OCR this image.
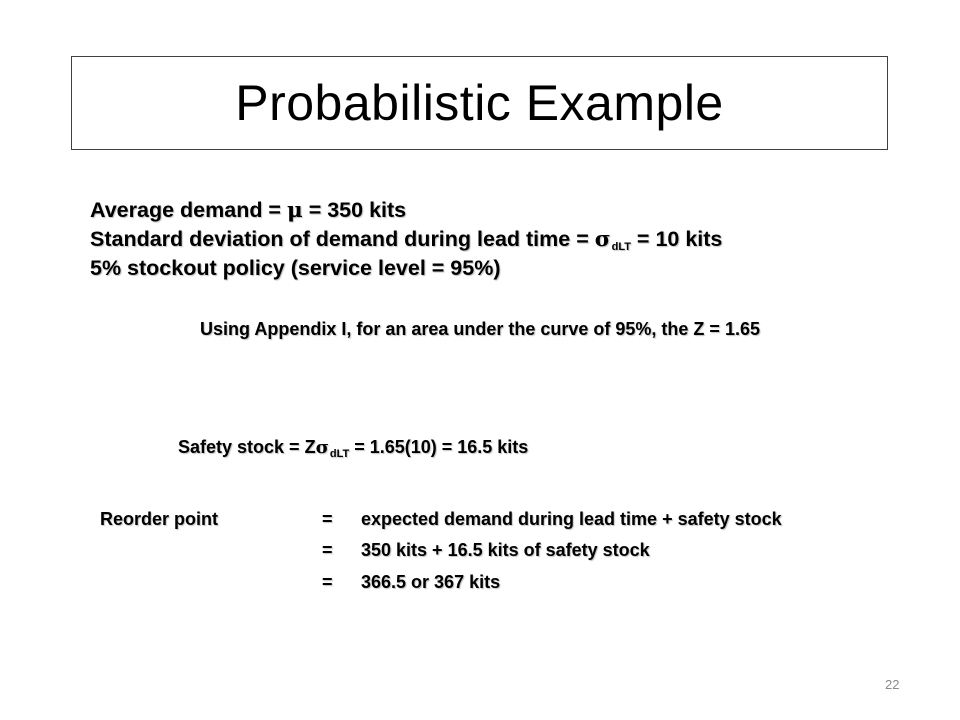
Probabilistic Example
Average demand = μ = 350 kits
Standard deviation of demand during lead time = $\sigma_{dLT} = 10$ kits
5% stockout policy (service level = 95%)
Using Appendix I, for an area under the curve of 95%, the Z = 1.65
Safety stock = $Z\sigma_{dLT} = 1.65(10) = 16.5$ kits
Reorder point	= expected demand during lead time + safety stock
= 350 kits + 16.5 kits of safety stock
= 366.5 or 367 kits
22
